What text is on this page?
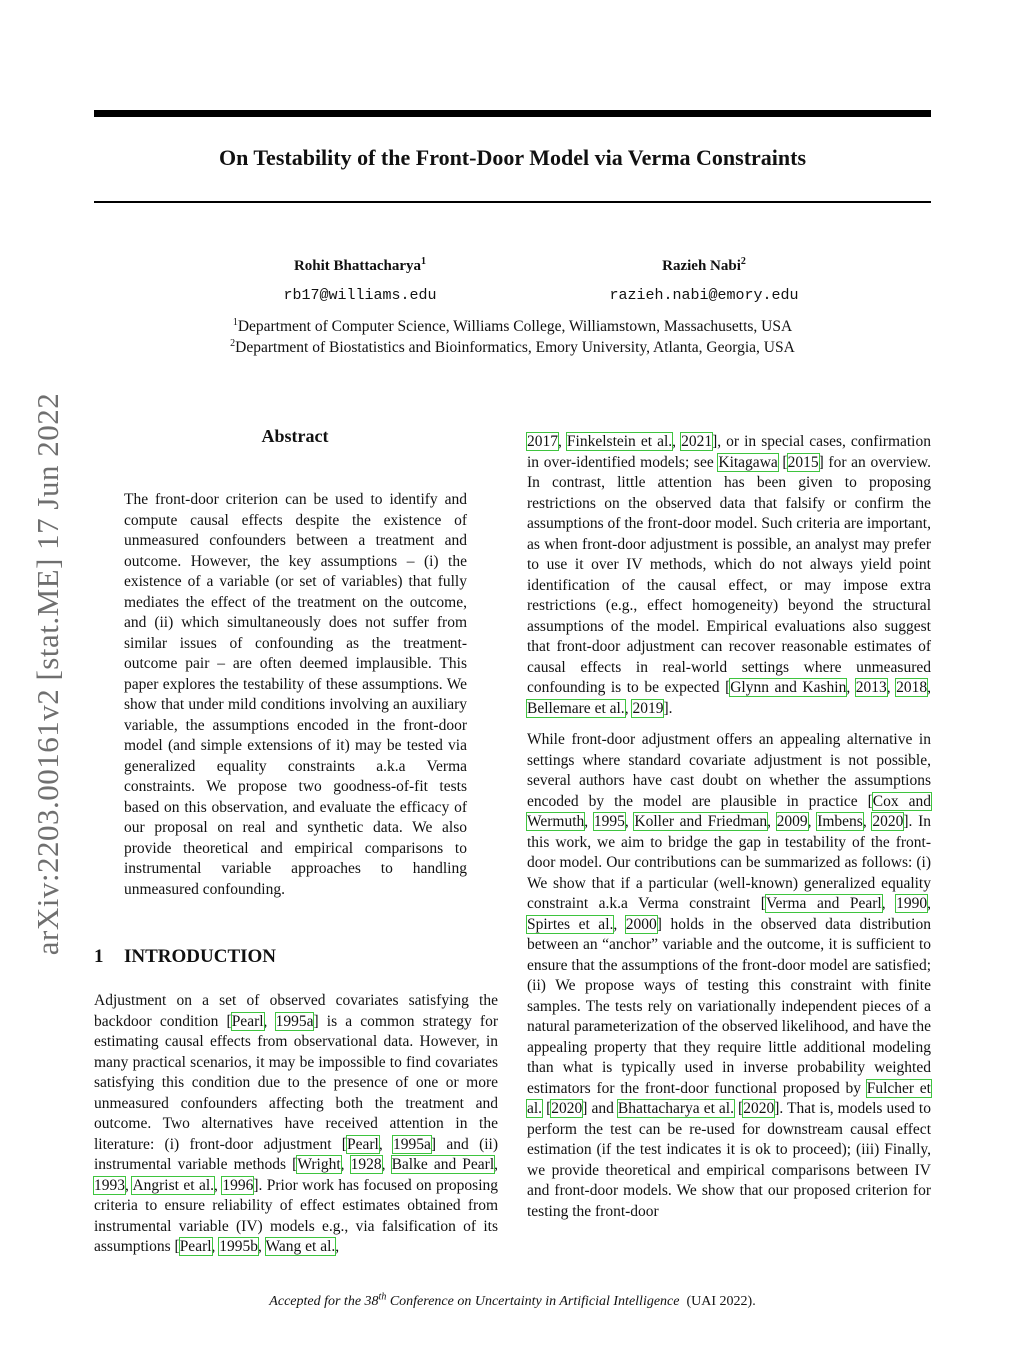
arXiv:2203.00161v2 [stat.ME] 17 Jun 2022
On Testability of the Front-Door Model via Verma Constraints
Rohit Bhattacharya$^1$
rb17@williams.edu
Razieh Nabi$^2$
razieh.nabi@emory.edu
$^1$Department of Computer Science, Williams College, Williamstown, Massachusetts, USA
$^2$Department of Biostatistics and Bioinformatics, Emory University, Atlanta, Georgia, USA
Abstract

The front-door criterion can be used to identify and compute causal effects despite the existence of unmeasured confounders between a treatment and outcome. However, the key assumptions – (i) the existence of a variable (or set of variables) that fully mediates the effect of the treatment on the outcome, and (ii) which simultaneously does not suffer from similar issues of confounding as the treatment-outcome pair – are often deemed implausible. This paper explores the testability of these assumptions. We show that under mild conditions involving an auxiliary variable, the assumptions encoded in the front-door model (and simple extensions of it) may be tested via generalized equality constraints a.k.a Verma constraints. We propose two goodness-of-fit tests based on this observation, and evaluate the efficacy of our proposal on real and synthetic data. We also provide theoretical and empirical comparisons to instrumental variable approaches to handling unmeasured confounding.

1 INTRODUCTION

Adjustment on a set of observed covariates satisfying the backdoor condition [Pearl, 1995a] is a common strategy for estimating causal effects from observational data. However, in many practical scenarios, it may be impossible to find covariates satisfying this condition due to the presence of one or more unmeasured confounders affecting both the treatment and outcome. Two alternatives have received attention in the literature: (i) front-door adjustment [Pearl, 1995a] and (ii) instrumental variable methods [Wright, 1928, Balke and Pearl, 1993, Angrist et al., 1996]. Prior work has focused on proposing criteria to ensure reliability of effect estimates obtained from instrumental variable (IV) models e.g., via falsification of its assumptions [Pearl, 1995b, Wang et al.,

2017, Finkelstein et al., 2021], or in special cases, confirmation in over-identified models; see Kitagawa [2015] for an overview. In contrast, little attention has been given to proposing restrictions on the observed data that falsify or confirm the assumptions of the front-door model. Such criteria are important, as when front-door adjustment is possible, an analyst may prefer to use it over IV methods, which do not always yield point identification of the causal effect, or may impose extra restrictions (e.g., effect homogeneity) beyond the structural assumptions of the model. Empirical evaluations also suggest that front-door adjustment can recover reasonable estimates of causal effects in real-world settings where unmeasured confounding is to be expected [Glynn and Kashin, 2013, 2018, Bellemare et al., 2019].

While front-door adjustment offers an appealing alternative in settings where standard covariate adjustment is not possible, several authors have cast doubt on whether the assumptions encoded by the model are plausible in practice [Cox and Wermuth, 1995, Koller and Friedman, 2009, Imbens, 2020]. In this work, we aim to bridge the gap in testability of the front-door model. Our contributions can be summarized as follows: (i) We show that if a particular (well-known) generalized equality constraint a.k.a Verma constraint [Verma and Pearl, 1990, Spirtes et al., 2000] holds in the observed data distribution between an “anchor” variable and the outcome, it is sufficient to ensure that the assumptions of the front-door model are satisfied; (ii) We propose ways of testing this constraint with finite samples. The tests rely on variationally independent pieces of a natural parameterization of the observed likelihood, and have the appealing property that they require little additional modeling than what is typically used in inverse probability weighted estimators for the front-door functional proposed by Fulcher et al. [2020] and Bhattacharya et al. [2020]. That is, models used to perform the test can be re-used for downstream causal effect estimation (if the test indicates it is ok to proceed); (iii) Finally, we provide theoretical and empirical comparisons between IV and front-door models. We show that our proposed criterion for testing the front-door

Accepted for the 38th Conference on Uncertainty in Artificial Intelligence (UAI 2022).
